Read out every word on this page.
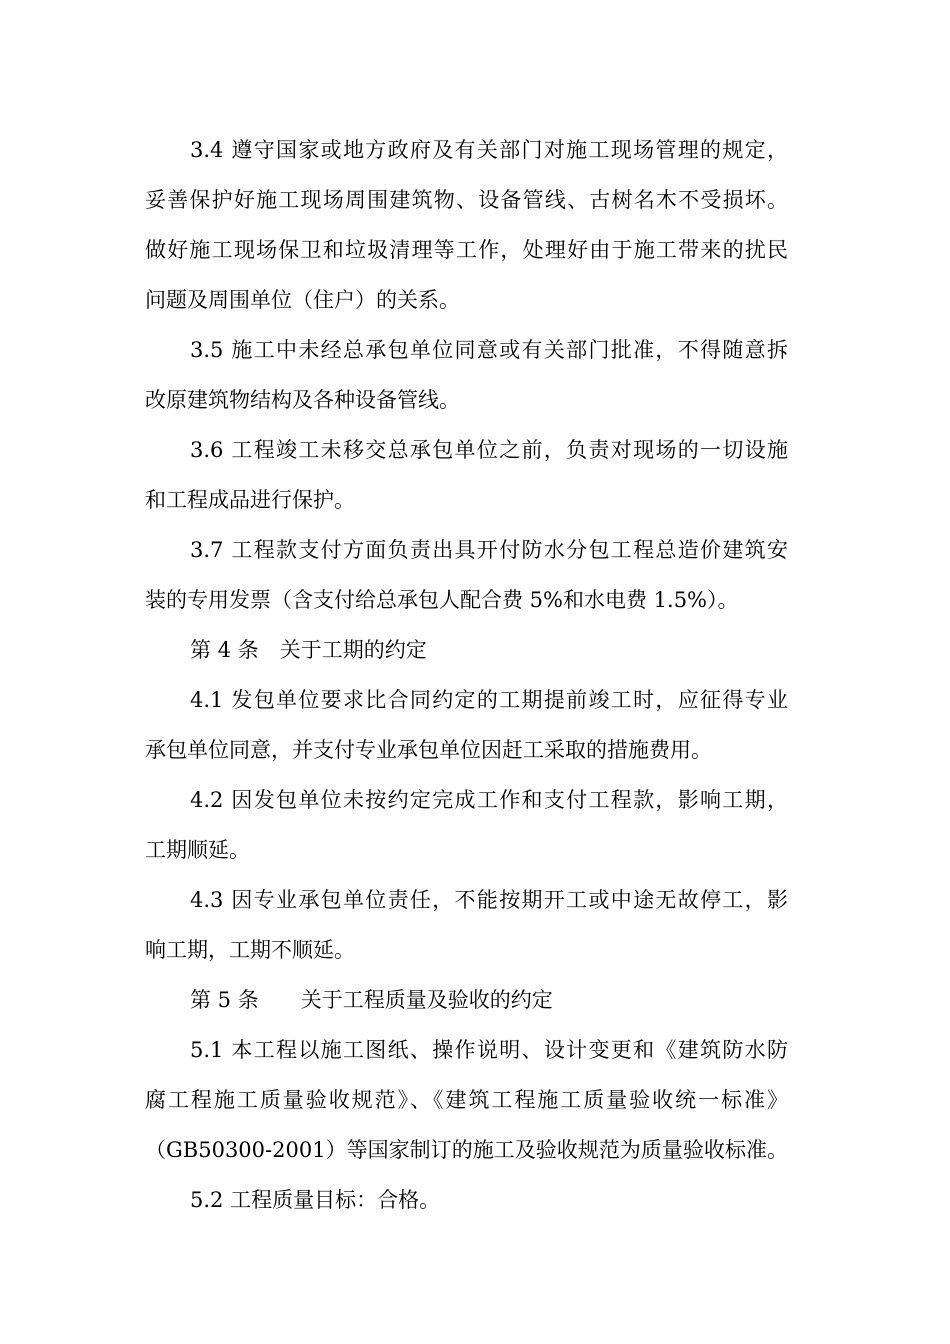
3.4 遵守国家或地方政府及有关部门对施工现场管理的规定，
妥善保护好施工现场周围建筑物、设备管线、古树名木不受损坏。
做好施工现场保卫和垃圾清理等工作，处理好由于施工带来的扰民
问题及周围单位（住户）的关系。
3.5 施工中未经总承包单位同意或有关部门批准，不得随意拆
改原建筑物结构及各种设备管线。
3.6 工程竣工未移交总承包单位之前，负责对现场的一切设施
和工程成品进行保护。
3.7 工程款支付方面负责出具开付防水分包工程总造价建筑安
装的专用发票（含支付给总承包人配合费 5%和水电费 1.5%）。
第 4 条　关于工期的约定
4.1 发包单位要求比合同约定的工期提前竣工时，应征得专业
承包单位同意，并支付专业承包单位因赶工采取的措施费用。
4.2 因发包单位未按约定完成工作和支付工程款，影响工期，
工期顺延。
4.3 因专业承包单位责任，不能按期开工或中途无故停工，影
响工期，工期不顺延。
第 5 条　　关于工程质量及验收的约定
5.1 本工程以施工图纸、操作说明、设计变更和《建筑防水防
腐工程施工质量验收规范》、《建筑工程施工质量验收统一标准》
（GB50300-2001）等国家制订的施工及验收规范为质量验收标准。
5.2 工程质量目标：合格。
